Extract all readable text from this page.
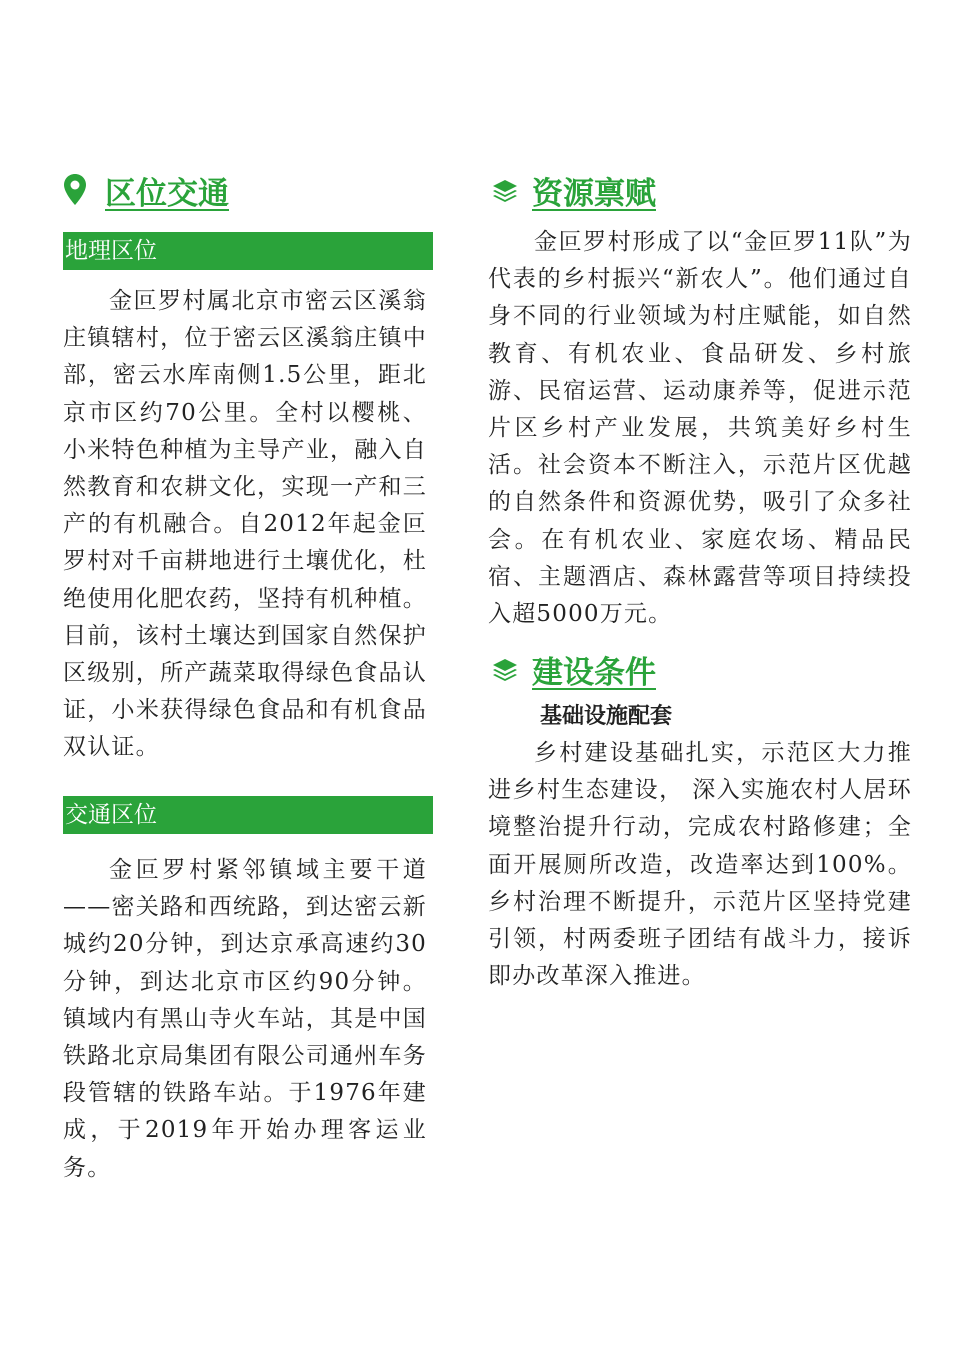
区位交通
地理区位

金叵罗村属北京市密云区溪翁庄镇辖村，位于密云区溪翁庄镇中部，密云水库南侧1.5公里，距北京市区约70公里。全村以樱桃、小米特色种植为主导产业，融入自然教育和农耕文化，实现一产和三产的有机融合。自2012年起金叵罗村对千亩耕地进行土壤优化，杜绝使用化肥农药，坚持有机种植。目前，该村土壤达到国家自然保护区级别，所产蔬菜取得绿色食品认证，小米获得绿色食品和有机食品双认证。

交通区位

金叵罗村紧邻镇域主要干道——密关路和西统路，到达密云新城约20分钟，到达京承高速约30分钟，到达北京市区约90分钟。镇域内有黑山寺火车站，其是中国铁路北京局集团有限公司通州车务段管辖的铁路车站。于1976年建成，于2019年开始办理客运业务。

资源禀赋

金叵罗村形成了以“金叵罗11队”为代表的乡村振兴“新农人”。他们通过自身不同的行业领域为村庄赋能，如自然教育、有机农业、食品研发、乡村旅游、民宿运营、运动康养等，促进示范片区乡村产业发展，共筑美好乡村生活。社会资本不断注入，示范片区优越的自然条件和资源优势，吸引了众多社会。在有机农业、家庭农场、精品民宿、主题酒店、森林露营等项目持续投入超5000万元。

建设条件
基础设施配套

乡村建设基础扎实，示范区大力推进乡村生态建设， 深入实施农村人居环境整治提升行动，完成农村路修建；全面开展厕所改造，改造率达到100%。乡村治理不断提升，示范片区坚持党建引领，村两委班子团结有战斗力，接诉即办改革深入推进。
